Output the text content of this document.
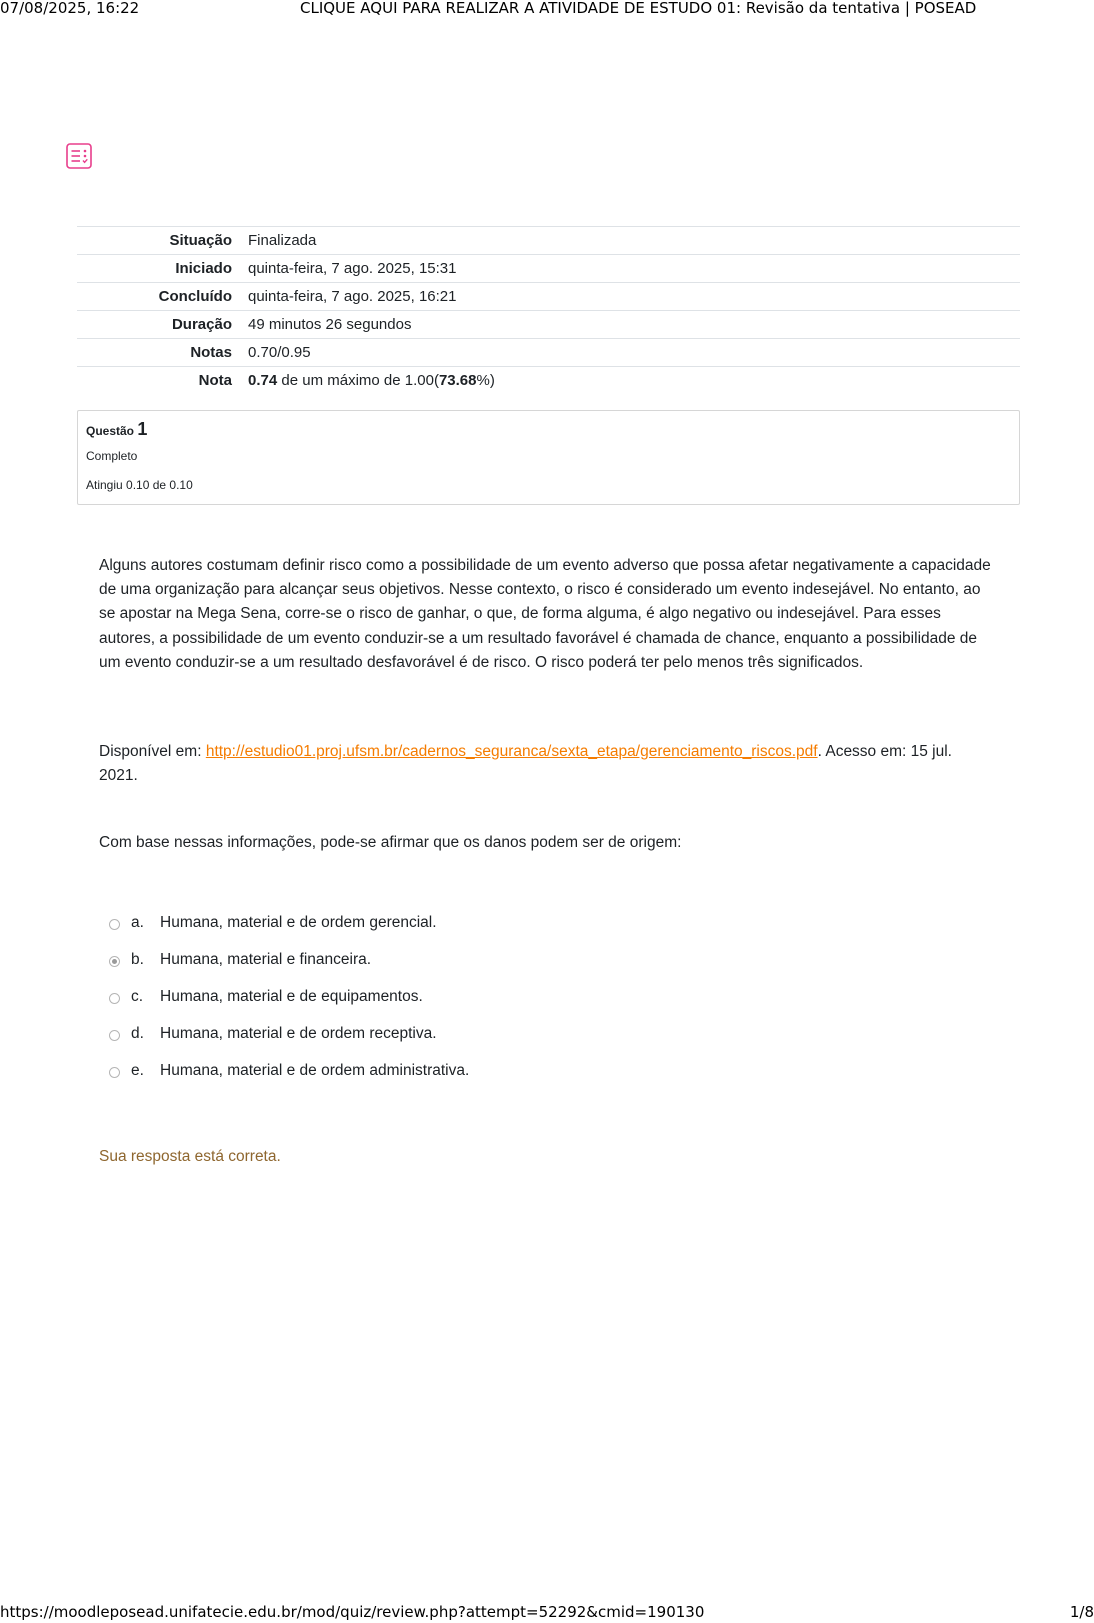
07/08/2025, 16:22	CLIQUE AQUI PARA REALIZAR A ATIVIDADE DE ESTUDO 01: Revisão da tentativa | POSEAD
Situação	Finalizada
Iniciado	quinta-feira, 7 ago. 2025, 15:31
Concluído	quinta-feira, 7 ago. 2025, 16:21
Duração	49 minutos 26 segundos
Notas	0.70/0.95
Nota	0.74 de um máximo de 1.00(73.68%)
Questão 1
Completo
Atingiu 0.10 de 0.10

Alguns autores costumam definir risco como a possibilidade de um evento adverso que possa afetar negativamente a capacidade de uma organização para alcançar seus objetivos. Nesse contexto, o risco é considerado um evento indesejável. No entanto, ao se apostar na Mega Sena, corre-se o risco de ganhar, o que, de forma alguma, é algo negativo ou indesejável. Para esses autores, a possibilidade de um evento conduzir-se a um resultado favorável é chamada de chance, enquanto a possibilidade de um evento conduzir-se a um resultado desfavorável é de risco. O risco poderá ter pelo menos três significados.

Disponível em: http://estudio01.proj.ufsm.br/cadernos_seguranca/sexta_etapa/gerenciamento_riscos.pdf. Acesso em: 15 jul. 2021.
Com base nessas informações, pode-se afirmar que os danos podem ser de origem:
a. Humana, material e de ordem gerencial.
b. Humana, material e financeira.
c. Humana, material e de equipamentos.
d. Humana, material e de ordem receptiva.
e. Humana, material e de ordem administrativa.
Sua resposta está correta.
https://moodleposead.unifatecie.edu.br/mod/quiz/review.php?attempt=52292&cmid=190130	1/8
